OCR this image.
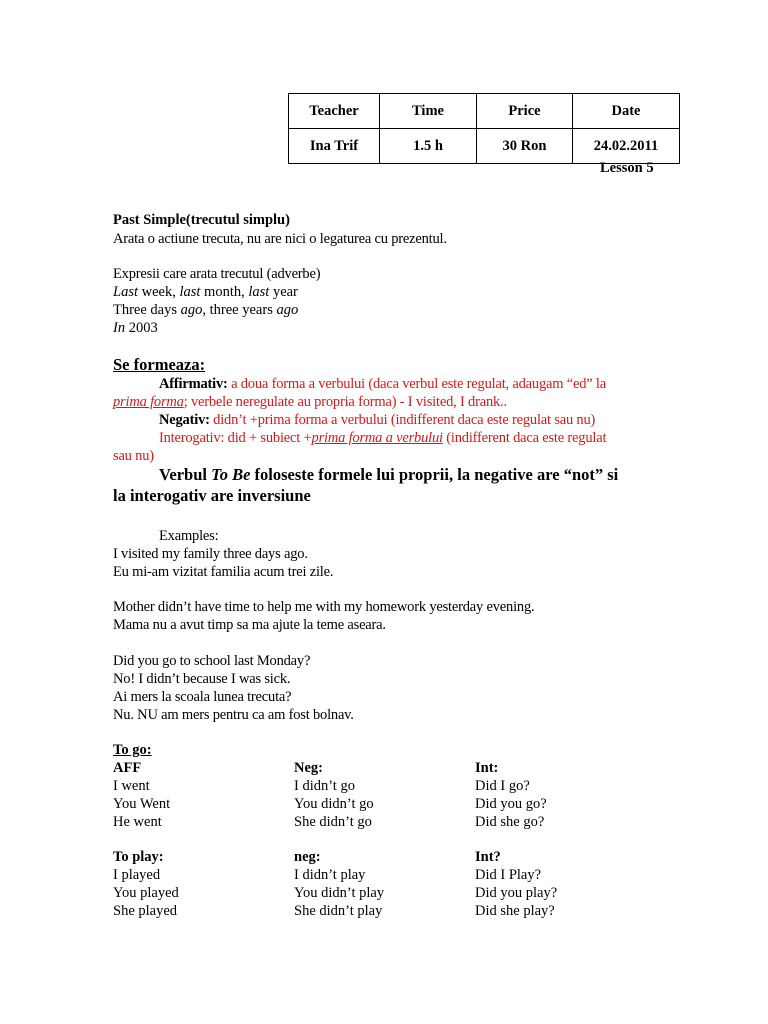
Teacher	Time	Price	Date
Ina Trif	1.5 h	30 Ron	24.02.2011
Lesson 5
Past Simple(trecutul simplu)
Arata o actiune trecuta, nu are nici o legaturea cu prezentul.
Expresii care arata trecutul (adverbe)
Last week, last month, last year
Three days ago, three years ago
In 2003
Se formeaza:
Affirmativ: a doua forma a verbului (daca verbul este regulat, adaugam “ed” la
prima forma; verbele neregulate au propria forma) - I visited, I drank..
Negativ: didn’t +prima forma a verbului (indifferent daca este regulat sau nu)
Interogativ: did + subiect +prima forma a verbului (indifferent daca este regulat
sau nu)
Verbul To Be foloseste formele lui proprii, la negative are “not” si
la interogativ are inversiune
Examples:
I visited my family three days ago.
Eu mi-am vizitat familia acum trei zile.
Mother didn’t have time to help me with my homework yesterday evening.
Mama nu a avut timp sa ma ajute la teme aseara.
Did you go to school last Monday?
No! I didn’t because I was sick.
Ai mers la scoala lunea trecuta?
Nu. NU am mers pentru ca am fost bolnav.
To go:
AFF	Neg:	Int:
I went	I didn’t go	Did I go?
You Went	You didn’t go	Did you go?
He went	She didn’t go	Did she go?
To play:	neg:	Int?
I played	I didn’t play	Did I Play?
You played	You didn’t play	Did you play?
She played	She didn’t play	Did she play?
